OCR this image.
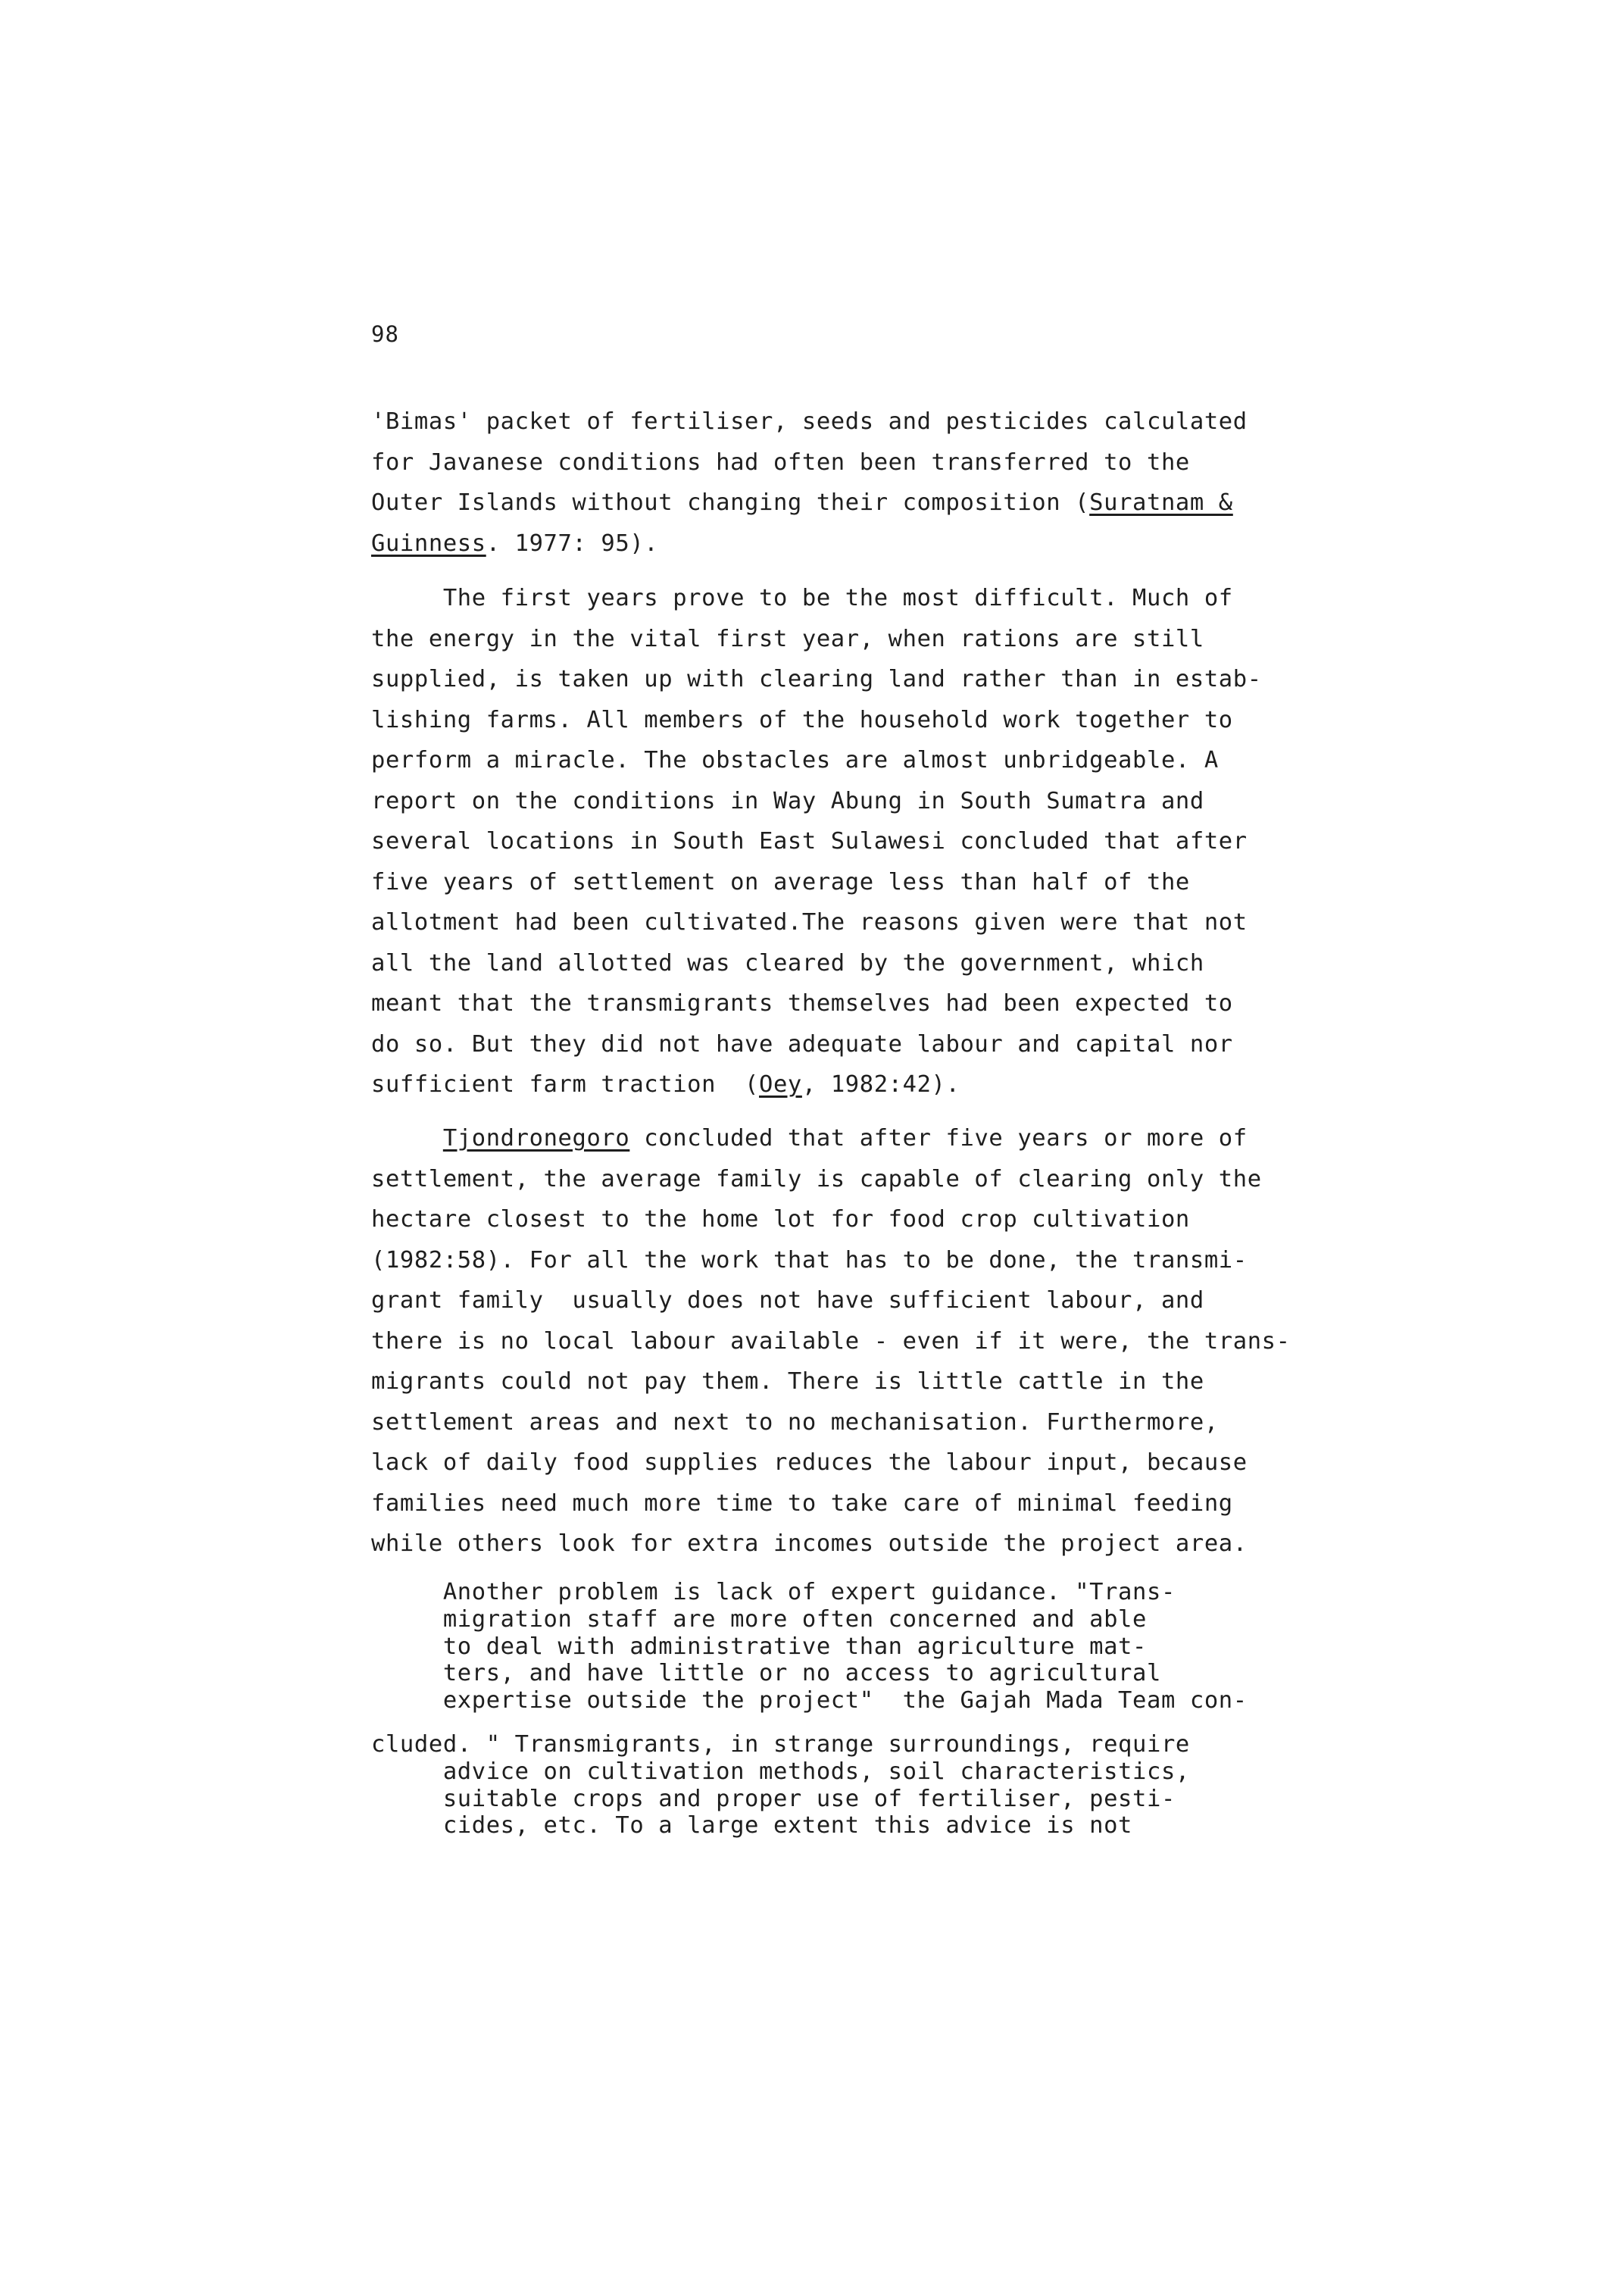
98
'Bimas' packet of fertiliser, seeds and pesticides calculated
for Javanese conditions had often been transferred to the
Outer Islands without changing their composition (Suratnam &
Guinness. 1977: 95).
The first years prove to be the most difficult. Much of
the energy in the vital first year, when rations are still
supplied, is taken up with clearing land rather than in estab-
lishing farms. All members of the household work together to
perform a miracle. The obstacles are almost unbridgeable. A
report on the conditions in Way Abung in South Sumatra and
several locations in South East Sulawesi concluded that after
five years of settlement on average less than half of the
allotment had been cultivated.The reasons given were that not
all the land allotted was cleared by the government, which
meant that the transmigrants themselves had been expected to
do so. But they did not have adequate labour and capital nor
sufficient farm traction  (Oey, 1982:42).
Tjondronegoro concluded that after five years or more of
settlement, the average family is capable of clearing only the
hectare closest to the home lot for food crop cultivation
(1982:58). For all the work that has to be done, the transmi-
grant family  usually does not have sufficient labour, and
there is no local labour available - even if it were, the trans-
migrants could not pay them. There is little cattle in the
settlement areas and next to no mechanisation. Furthermore,
lack of daily food supplies reduces the labour input, because
families need much more time to take care of minimal feeding
while others look for extra incomes outside the project area.
Another problem is lack of expert guidance. "Trans-
migration staff are more often concerned and able
to deal with administrative than agriculture mat-
ters, and have little or no access to agricultural
expertise outside the project"  the Gajah Mada Team con-
cluded. " Transmigrants, in strange surroundings, require
advice on cultivation methods, soil characteristics,
suitable crops and proper use of fertiliser, pesti-
cides, etc. To a large extent this advice is not
